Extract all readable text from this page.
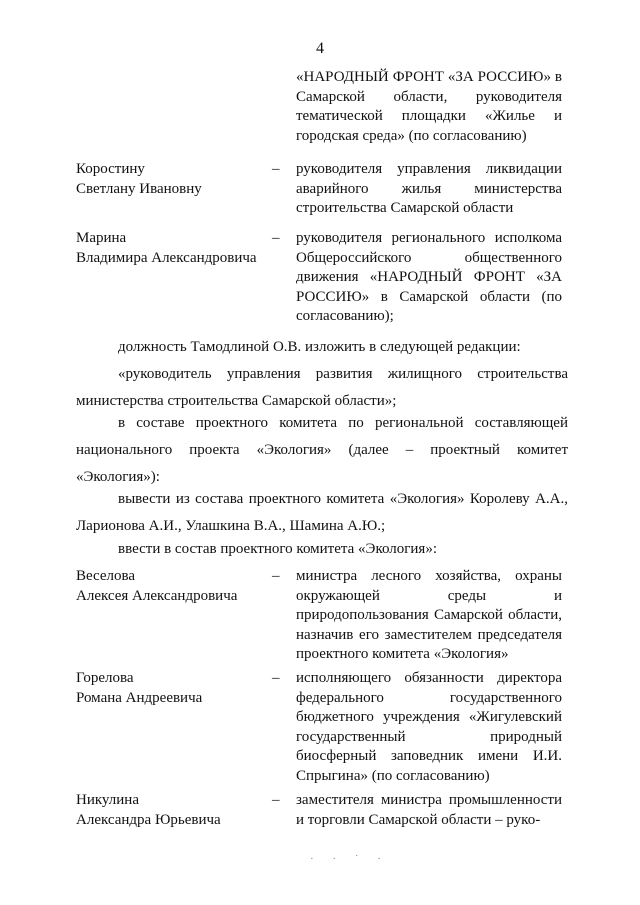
4
«НАРОДНЫЙ ФРОНТ «ЗА РОССИЮ» в Самарской области, руководителя тематической площадки «Жилье и городская среда» (по согласованию)
Коростину
Светлану Ивановну
– руководителя управления ликвидации аварийного жилья министерства строительства Самарской области
Марина
Владимира Александровича
– руководителя регионального исполкома Общероссийского общественного движения «НАРОДНЫЙ ФРОНТ «ЗА РОССИЮ» в Самарской области (по согласованию);
должность Тамодлиной О.В. изложить в следующей редакции:
«руководитель управления развития жилищного строительства министерства строительства Самарской области»;
в составе проектного комитета по региональной составляющей национального проекта «Экология» (далее – проектный комитет «Экология»):
вывести из состава проектного комитета «Экология» Королеву А.А., Ларионова А.И., Улашкина В.А., Шамина А.Ю.;
ввести в состав проектного комитета «Экология»:
Веселова
Алексея Александровича
– министра лесного хозяйства, охраны окружающей среды и природопользования Самарской области, назначив его заместителем председателя проектного комитета «Экология»
Горелова
Романа Андреевича
– исполняющего обязанности директора федерального государственного бюджетного учреждения «Жигулевский государственный природный биосферный заповедник имени И.И. Спрыгина» (по согласованию)
Никулина
Александра Юрьевича
– заместителя министра промышленности и торговли Самарской области – руко-
· · ˙ ·
